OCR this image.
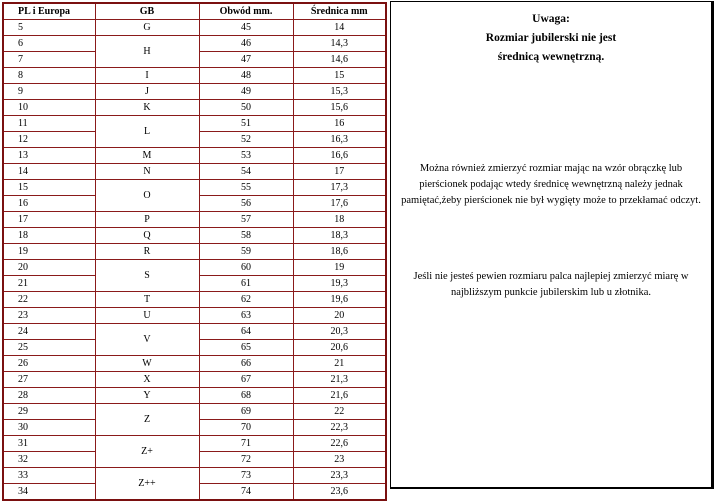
PL i Europa	GB	Obwód mm.	Średnica mm
5	G	45	14
6	H	46	14,3
7		47	14,6
8	I	48	15
9	J	49	15,3
10	K	50	15,6
11	L	51	16
12		52	16,3
13	M	53	16,6
14	N	54	17
15	O	55	17,3
16		56	17,6
17	P	57	18
18	Q	58	18,3
19	R	59	18,6
20	S	60	19
21		61	19,3
22	T	62	19,6
23	U	63	20
24	V	64	20,3
25		65	20,6
26	W	66	21
27	X	67	21,3
28	Y	68	21,6
29	Z	69	22
30		70	22,3
31	Z+	71	22,6
32		72	23
33	Z++	73	23,3
34		74	23,6
Uwaga:
Rozmiar jubilerski nie jest
średnicą wewnętrzną.
Można również zmierzyć rozmiar mając na wzór obrączkę lub pierścionek podając wtedy średnicę wewnętrzną należy jednak pamiętać,żeby pierścionek nie był wygięty może to przekłamać odczyt.
Jeśli nie jesteś pewien rozmiaru palca najlepiej zmierzyć miarę w najbliższym punkcie jubilerskim lub u złotnika.
